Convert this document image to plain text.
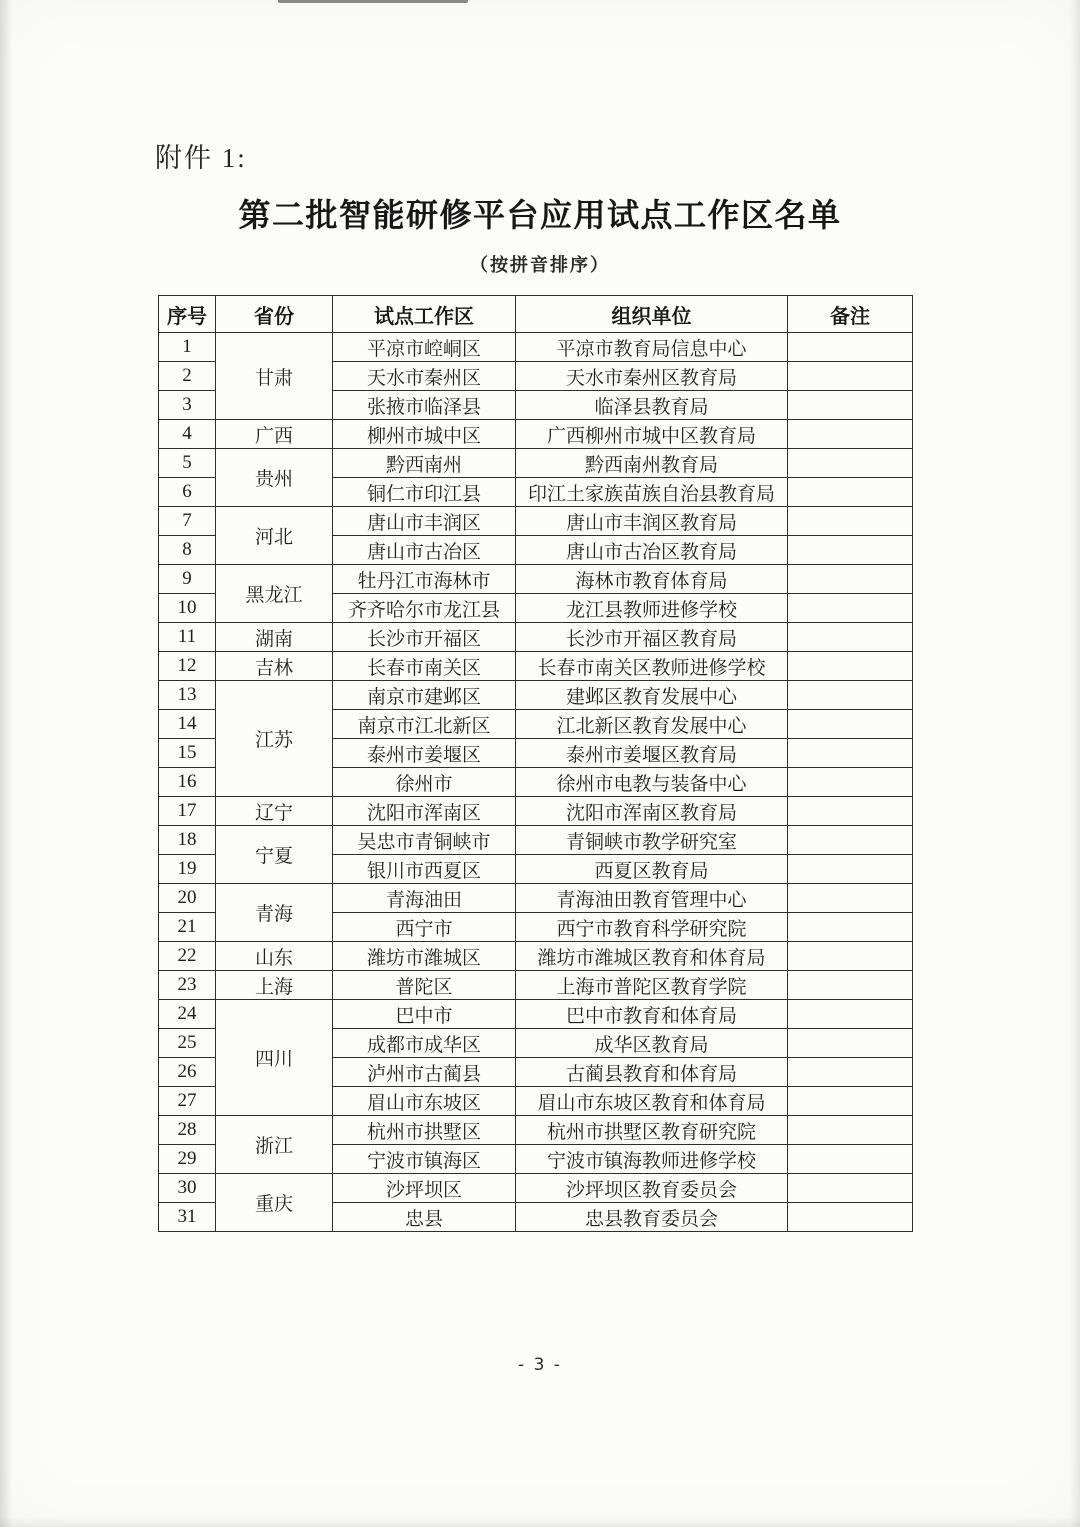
附件 1:
第二批智能研修平台应用试点工作区名单
（按拼音排序）
序号	省份	试点工作区	组织单位	备注
1	甘肃	平凉市崆峒区	平凉市教育局信息中心	
2		天水市秦州区	天水市秦州区教育局	
3		张掖市临泽县	临泽县教育局	
4	广西	柳州市城中区	广西柳州市城中区教育局	
5	贵州	黔西南州	黔西南州教育局	
6		铜仁市印江县	印江土家族苗族自治县教育局	
7	河北	唐山市丰润区	唐山市丰润区教育局	
8		唐山市古冶区	唐山市古冶区教育局	
9	黑龙江	牡丹江市海林市	海林市教育体育局	
10		齐齐哈尔市龙江县	龙江县教师进修学校	
11	湖南	长沙市开福区	长沙市开福区教育局	
12	吉林	长春市南关区	长春市南关区教师进修学校	
13	江苏	南京市建邺区	建邺区教育发展中心	
14		南京市江北新区	江北新区教育发展中心	
15		泰州市姜堰区	泰州市姜堰区教育局	
16		徐州市	徐州市电教与装备中心	
17	辽宁	沈阳市浑南区	沈阳市浑南区教育局	
18	宁夏	吴忠市青铜峡市	青铜峡市教学研究室	
19		银川市西夏区	西夏区教育局	
20	青海	青海油田	青海油田教育管理中心	
21		西宁市	西宁市教育科学研究院	
22	山东	潍坊市潍城区	潍坊市潍城区教育和体育局	
23	上海	普陀区	上海市普陀区教育学院	
24	四川	巴中市	巴中市教育和体育局	
25		成都市成华区	成华区教育局	
26		泸州市古蔺县	古蔺县教育和体育局	
27		眉山市东坡区	眉山市东坡区教育和体育局	
28	浙江	杭州市拱墅区	杭州市拱墅区教育研究院	
29		宁波市镇海区	宁波市镇海教师进修学校	
30	重庆	沙坪坝区	沙坪坝区教育委员会	
31		忠县	忠县教育委员会	
- 3 -
